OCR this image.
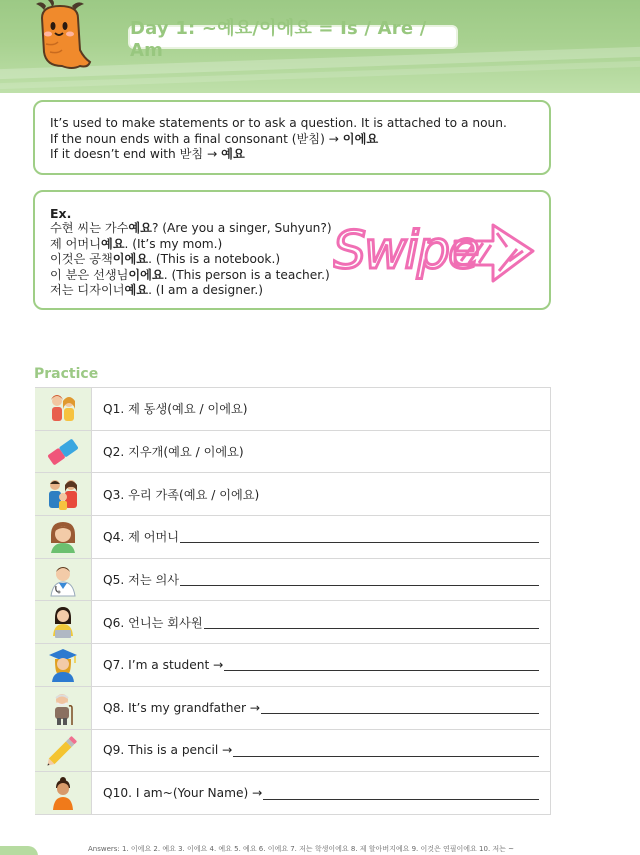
Day 1: ~예요/이에요 = Is / Are / Am
It’s used to make statements or to ask a question. It is attached to a noun.
If the noun ends with a final consonant (받침) → 이에요
If it doesn’t end with 받침 → 예요
Ex.
수현 씨는 가수예요? (Are you a singer, Suhyun?)
제 어머니예요. (It’s my mom.)
이것은 공책이에요. (This is a notebook.)
이 분은 선생님이에요. (This person is a teacher.)
저는 디자이너예요. (I am a designer.)
Swipe
Practice
Q1. 제 동생(예요 / 이에요)
Q2. 지우개(예요 / 이에요)
Q3. 우리 가족(예요 / 이에요)
Q4. 제 어머니
Q5. 저는 의사
Q6. 언니는 회사원
Q7. I’m a student →
Q8. It’s my grandfather →
Q9. This is a pencil →
Q10. I am~(Your Name) →
Answers: 1. 이에요 2. 예요 3. 이에요 4. 예요 5. 예요 6. 이에요 7. 저는 학생이에요 8. 제 할아버지예요 9. 이것은 연필이에요 10. 저는 ~
